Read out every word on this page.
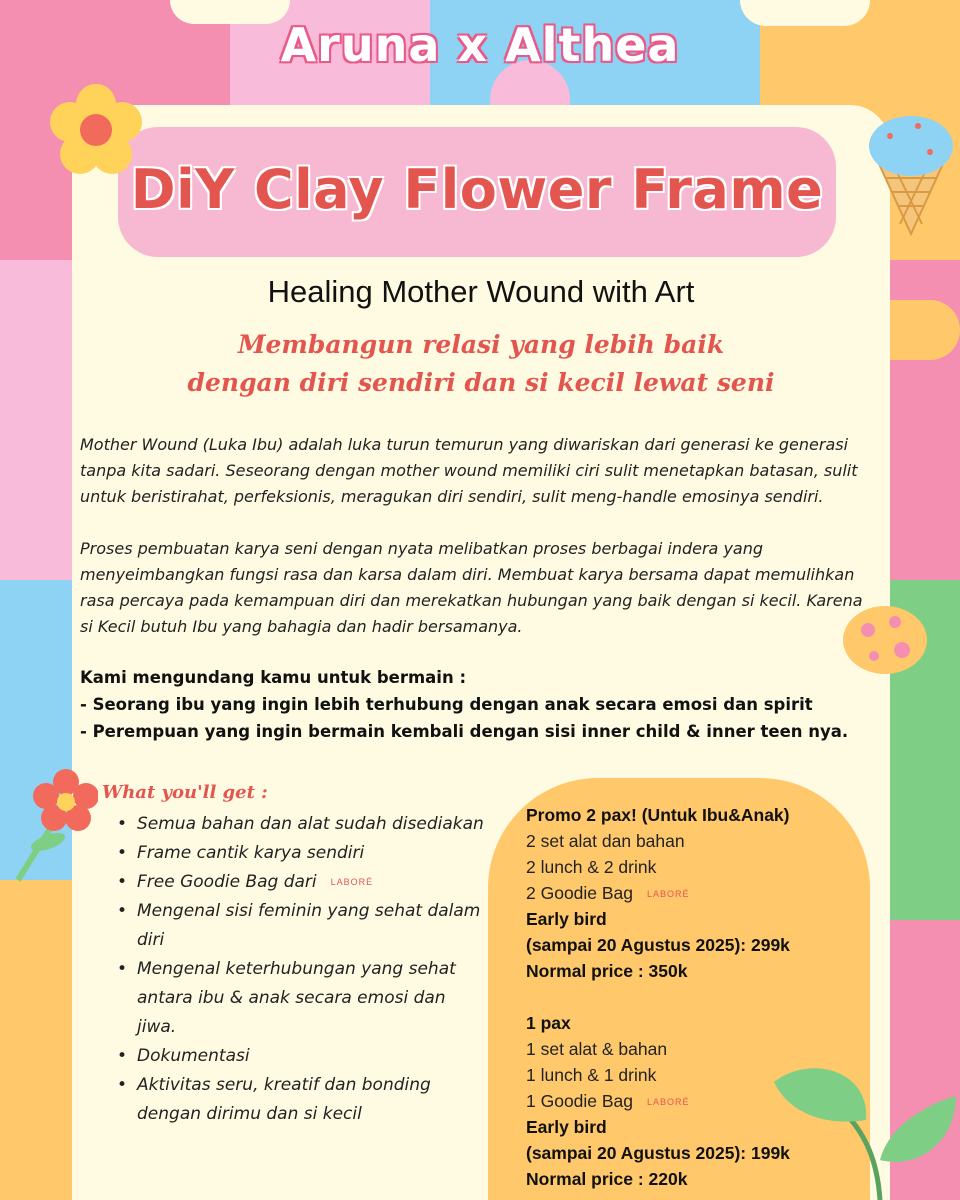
Aruna x Althea
DiY Clay Flower Frame
Healing Mother Wound with Art
Membangun relasi yang lebih baik
dengan diri sendiri dan si kecil lewat seni
Mother Wound (Luka Ibu) adalah luka turun temurun yang diwariskan dari generasi ke generasi tanpa kita sadari. Seseorang dengan mother wound memiliki ciri sulit menetapkan batasan, sulit untuk beristirahat, perfeksionis, meragukan diri sendiri, sulit meng-handle emosinya sendiri.
Proses pembuatan karya seni dengan nyata melibatkan proses berbagai indera yang menyeimbangkan fungsi rasa dan karsa dalam diri. Membuat karya bersama dapat memulihkan rasa percaya pada kemampuan diri dan merekatkan hubungan yang baik dengan si kecil. Karena si Kecil butuh Ibu yang bahagia dan hadir bersamanya.
Kami mengundang kamu untuk bermain :
- Seorang ibu yang ingin lebih terhubung dengan anak secara emosi dan spirit
- Perempuan yang ingin bermain kembali dengan sisi inner child & inner teen nya.
What you'll get :
• Semua bahan dan alat sudah disediakan
• Frame cantik karya sendiri
• Free Goodie Bag dari LABORÉ
• Mengenal sisi feminin yang sehat dalam diri
• Mengenal keterhubungan yang sehat antara ibu & anak secara emosi dan jiwa.
• Dokumentasi
• Aktivitas seru, kreatif dan bonding dengan dirimu dan si kecil
Promo 2 pax! (Untuk Ibu&Anak)
2 set alat dan bahan
2 lunch & 2 drink
2 Goodie Bag LABORÉ
Early bird
(sampai 20 Agustus 2025): 299k
Normal price : 350k
1 pax
1 set alat & bahan
1 lunch & 1 drink
1 Goodie Bag LABORÉ
Early bird
(sampai 20 Agustus 2025): 199k
Normal price : 220k
